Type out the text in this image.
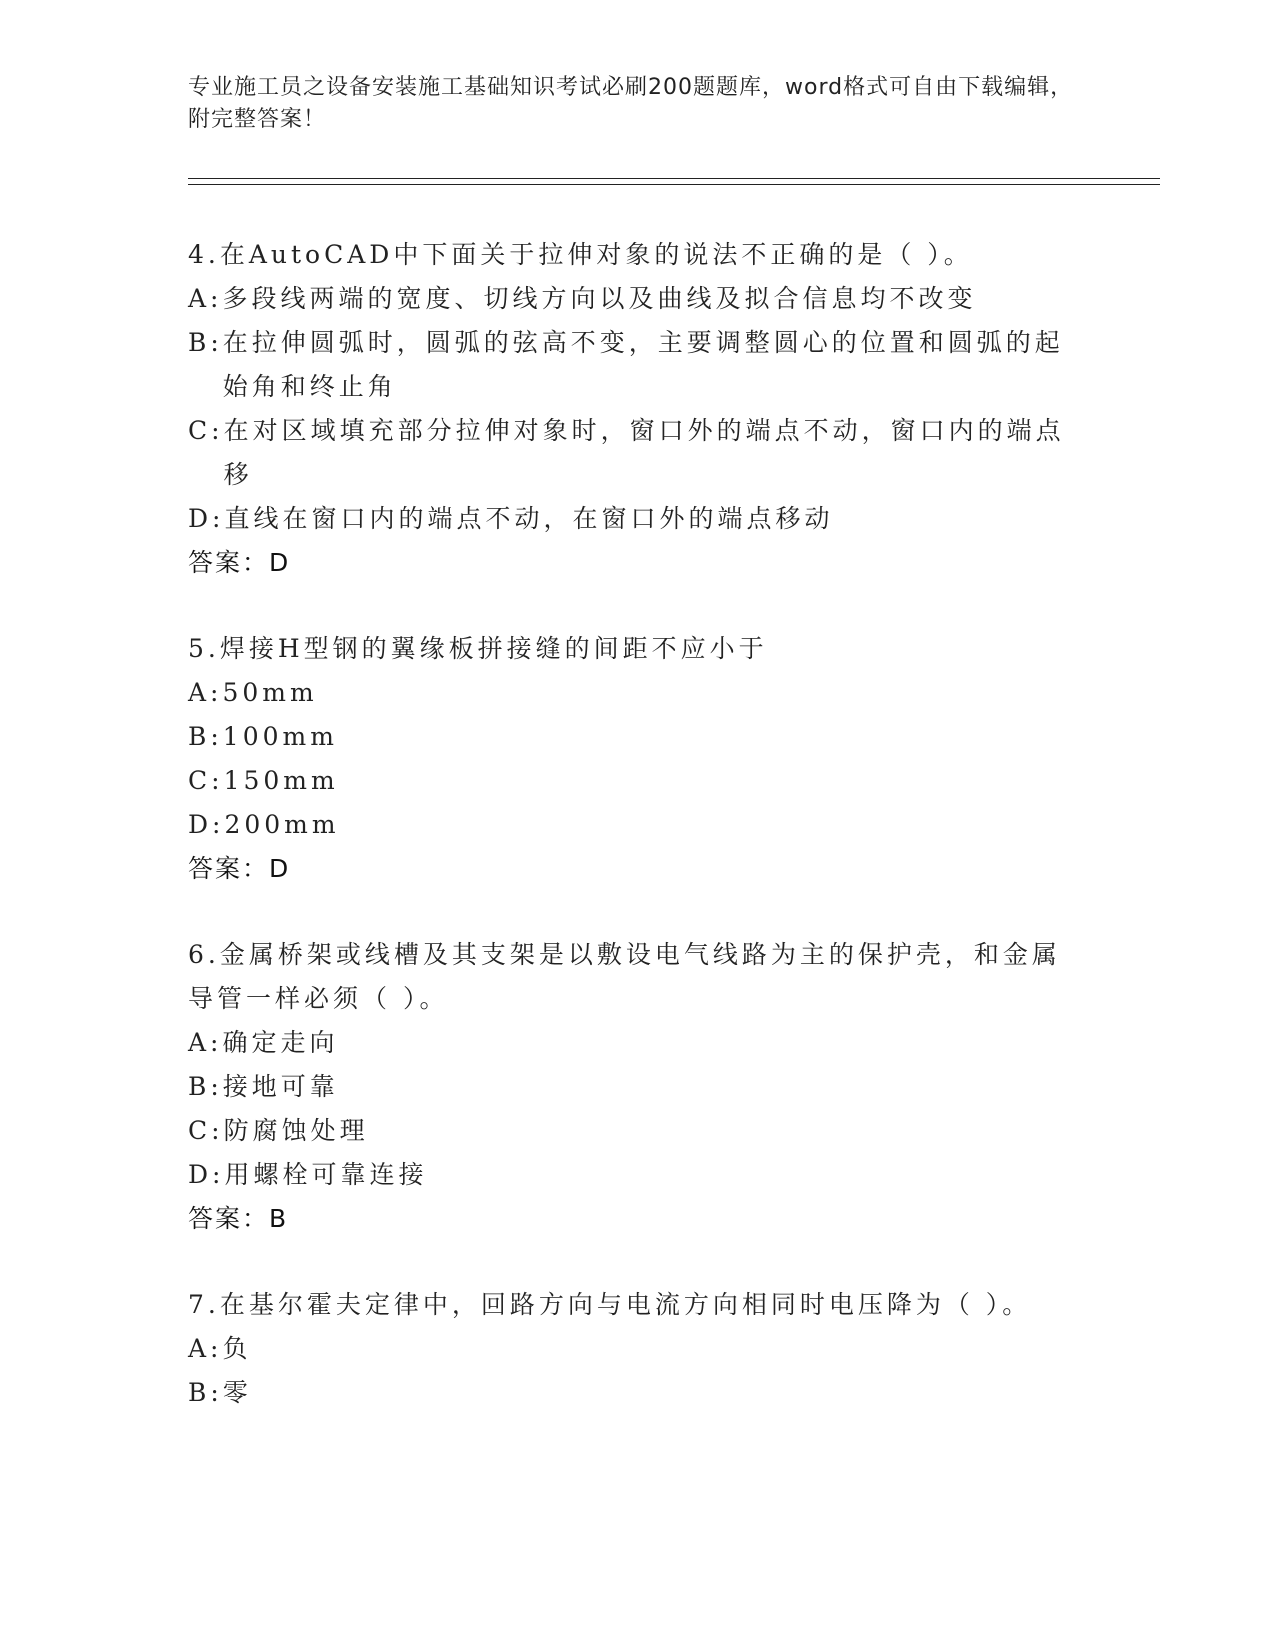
专业施工员之设备安装施工基础知识考试必刷200题题库，word格式可自由下载编辑，附完整答案！
4.在AutoCAD中下面关于拉伸对象的说法不正确的是（ ）。
A: 多段线两端的宽度、切线方向以及曲线及拟合信息均不改变
B: 在拉伸圆弧时，圆弧的弦高不变，主要调整圆心的位置和圆弧的起始角和终止角
C: 在对区域填充部分拉伸对象时，窗口外的端点不动，窗口内的端点移
D: 直线在窗口内的端点不动，在窗口外的端点移动
答案：D
5.焊接H型钢的翼缘板拼接缝的间距不应小于
A: 50mm
B: 100mm
C: 150mm
D: 200mm
答案：D
6.金属桥架或线槽及其支架是以敷设电气线路为主的保护壳，和金属导管一样必须（ ）。
A: 确定走向
B: 接地可靠
C: 防腐蚀处理
D: 用螺栓可靠连接
答案：B
7.在基尔霍夫定律中，回路方向与电流方向相同时电压降为（ ）。
A: 负
B: 零
